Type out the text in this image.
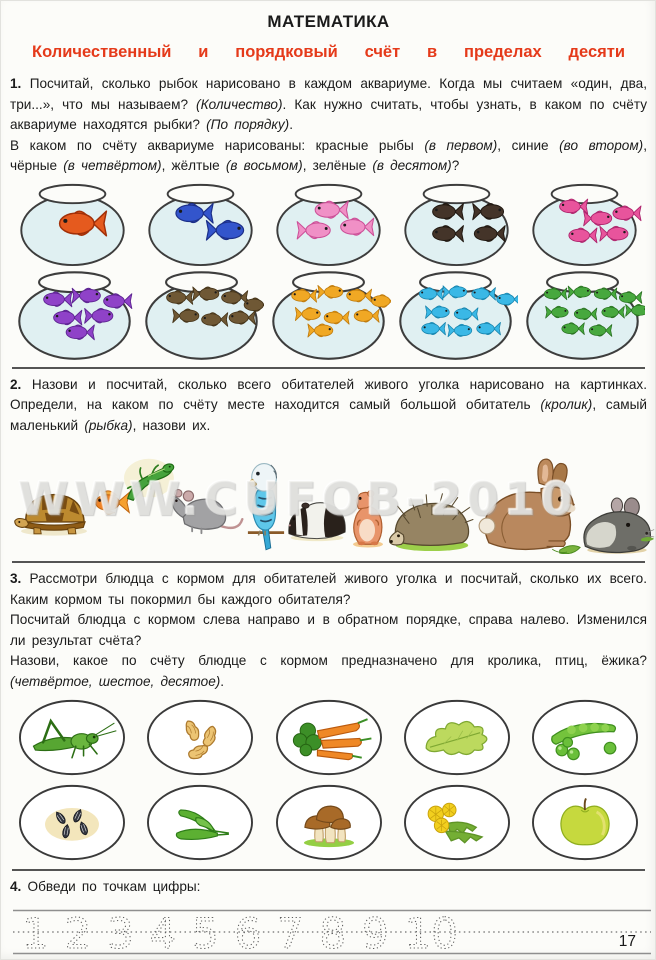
МАТЕМАТИКА
Количественный и порядковый счёт в пределах десяти

1. Посчитай, сколько рыбок нарисовано в каждом аквариуме. Когда мы считаем «один, два, три...», что мы называем? (Количество). Как нужно считать, чтобы узнать, в каком по счёту аквариуме находятся рыбки? (По порядку).

В каком по счёту аквариуме нарисованы: красные рыбы (в первом), синие (во втором), чёрные (в четвёртом), жёлтые (в восьмом), зелёные (в десятом)?

2. Назови и посчитай, сколько всего обитателей живого уголка нарисовано на картинках. Определи, на каком по счёту месте находится самый большой обитатель (кролик), самый маленький (рыбка), назови их.

WWW.CUFOB-2010

3. Рассмотри блюдца с кормом для обитателей живого уголка и посчитай, сколько их всего. Каким кормом ты покормил бы каждого обитателя?

Посчитай блюдца с кормом слева направо и в обратном порядке, справа налево. Изменился ли результат счёта?

Назови, какое по счёту блюдце с кормом предназначено для кролика, птиц, ёжика? (четвёртое, шестое, десятое).

4. Обведи по точкам цифры:

1 2 3 4 5 6 7 8 9 10	17
